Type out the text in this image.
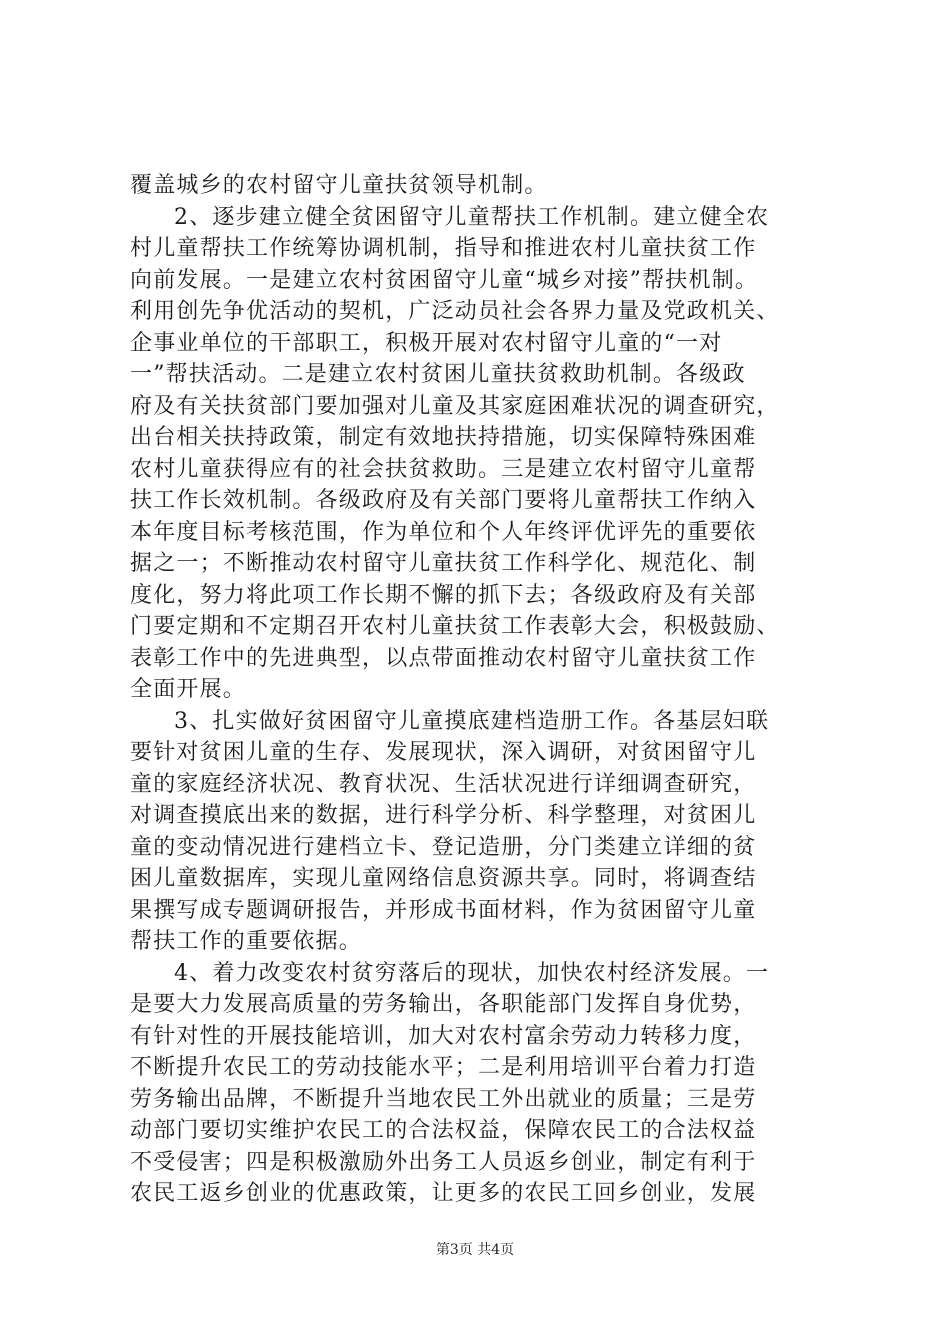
覆盖城乡的农村留守儿童扶贫领导机制。
2、逐步建立健全贫困留守儿童帮扶工作机制。建立健全农
村儿童帮扶工作统筹协调机制，指导和推进农村儿童扶贫工作
向前发展。一是建立农村贫困留守儿童“城乡对接”帮扶机制。
利用创先争优活动的契机，广泛动员社会各界力量及党政机关、
企事业单位的干部职工，积极开展对农村留守儿童的“一对
一”帮扶活动。二是建立农村贫困儿童扶贫救助机制。各级政
府及有关扶贫部门要加强对儿童及其家庭困难状况的调查研究，
出台相关扶持政策，制定有效地扶持措施，切实保障特殊困难
农村儿童获得应有的社会扶贫救助。三是建立农村留守儿童帮
扶工作长效机制。各级政府及有关部门要将儿童帮扶工作纳入
本年度目标考核范围，作为单位和个人年终评优评先的重要依
据之一；不断推动农村留守儿童扶贫工作科学化、规范化、制
度化，努力将此项工作长期不懈的抓下去；各级政府及有关部
门要定期和不定期召开农村儿童扶贫工作表彰大会，积极鼓励、
表彰工作中的先进典型，以点带面推动农村留守儿童扶贫工作
全面开展。
3、扎实做好贫困留守儿童摸底建档造册工作。各基层妇联
要针对贫困儿童的生存、发展现状，深入调研，对贫困留守儿
童的家庭经济状况、教育状况、生活状况进行详细调查研究，
对调查摸底出来的数据，进行科学分析、科学整理，对贫困儿
童的变动情况进行建档立卡、登记造册，分门类建立详细的贫
困儿童数据库，实现儿童网络信息资源共享。同时，将调查结
果撰写成专题调研报告，并形成书面材料，作为贫困留守儿童
帮扶工作的重要依据。
4、着力改变农村贫穷落后的现状，加快农村经济发展。一
是要大力发展高质量的劳务输出，各职能部门发挥自身优势，
有针对性的开展技能培训，加大对农村富余劳动力转移力度，
不断提升农民工的劳动技能水平；二是利用培训平台着力打造
劳务输出品牌，不断提升当地农民工外出就业的质量；三是劳
动部门要切实维护农民工的合法权益，保障农民工的合法权益
不受侵害；四是积极激励外出务工人员返乡创业，制定有利于
农民工返乡创业的优惠政策，让更多的农民工回乡创业，发展
第3页 共4页
